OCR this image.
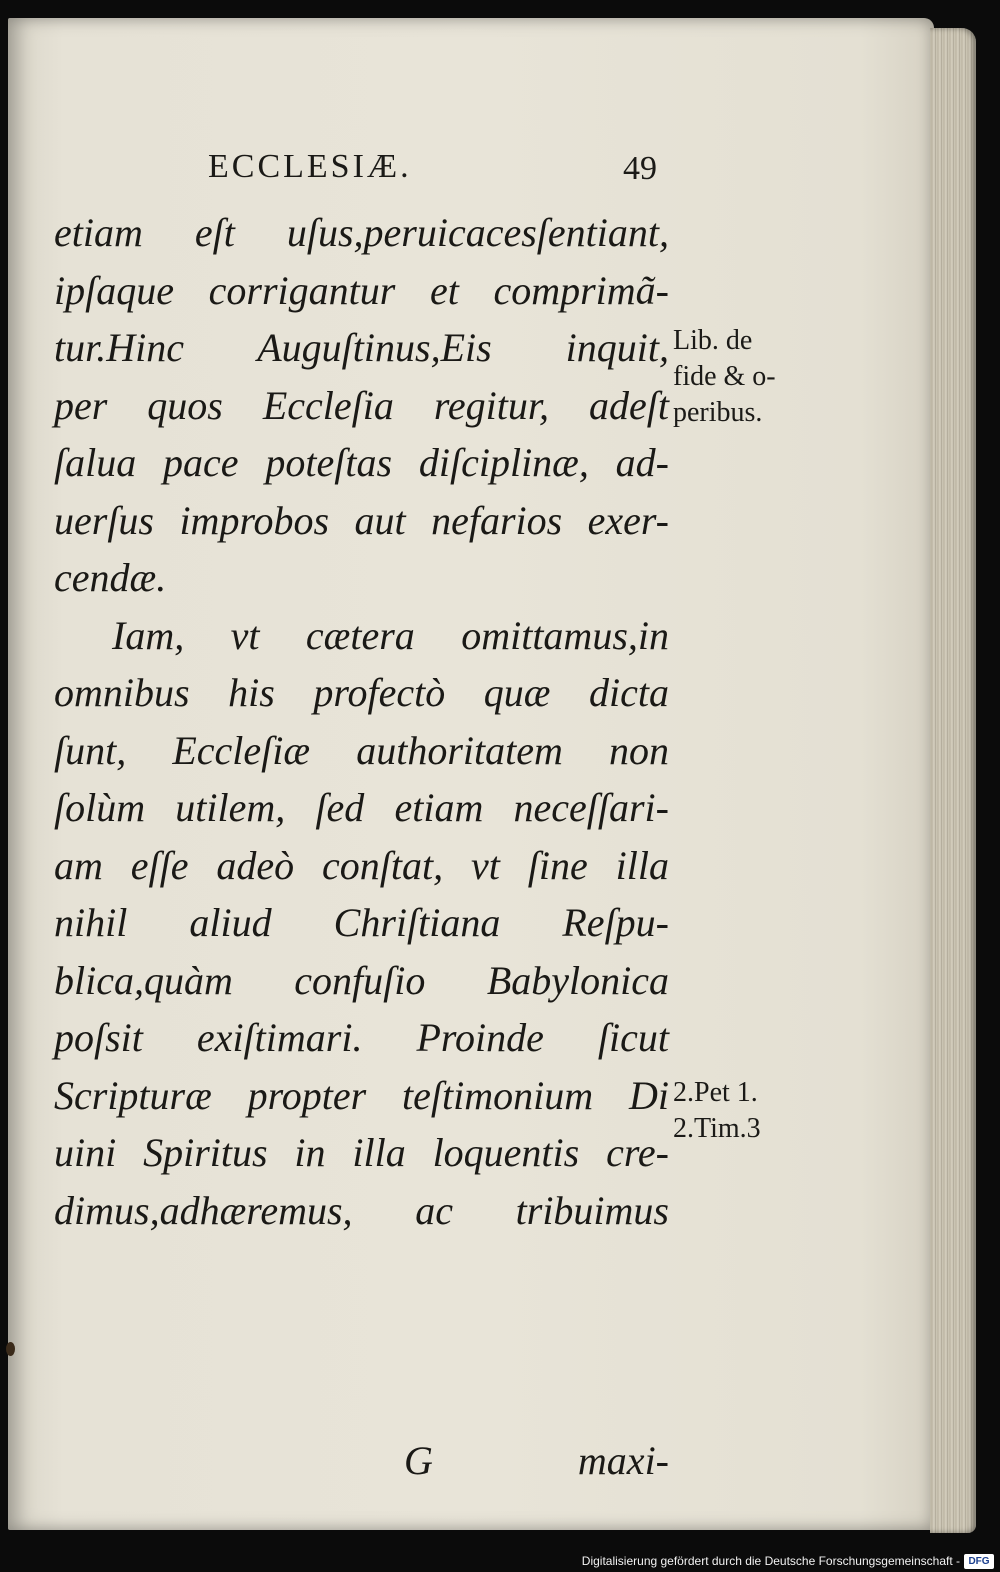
ECCLESIÆ.	49
etiam eſt uſus,peruicacesſentiant,
ipſaque corrigantur et comprimã-
tur.Hinc Auguſtinus,Eis inquit,
per quos Eccleſia regitur, adeſt
ſalua pace poteſtas diſciplinæ, ad-
uerſus improbos aut nefarios exer-
cendæ.
Iam, vt cætera omittamus,in
omnibus his profectò quæ dicta
ſunt, Eccleſiæ authoritatem non
ſolùm utilem, ſed etiam neceſſari-
am eſſe adeò conſtat, vt ſine illa
nihil aliud Chriſtiana Reſpu-
blica,quàm confuſio Babylonica
poſsit exiſtimari. Proinde ſicut
Scripturæ propter teſtimonium Di
uini Spiritus in illa loquentis cre-
dimus,adhæremus, ac tribuimus
G	maxi-
Lib. de
fide & o-
peribus.
2.Pet 1.
2.Tim.3
Digitalisierung gefördert durch die Deutsche Forschungsgemeinschaft - DFG
